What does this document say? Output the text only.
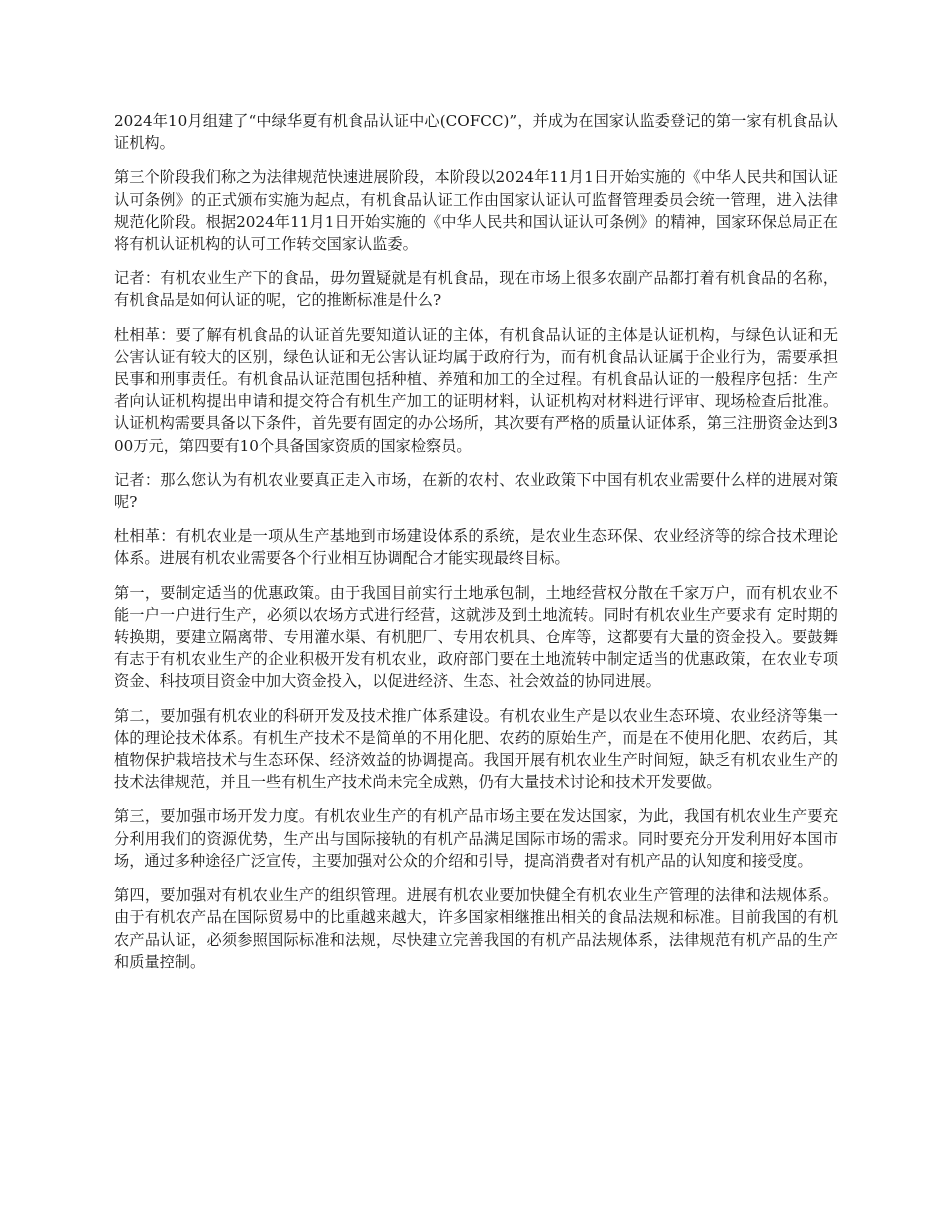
2024年10月组建了“中绿华夏有机食品认证中心(COFCC)”，并成为在国家认监委登记的第一家有机食品认证机构。

第三个阶段我们称之为法律规范快速进展阶段，本阶段以2024年11月1日开始实施的《中华人民共和国认证认可条例》的正式颁布实施为起点，有机食品认证工作由国家认证认可监督管理委员会统一管理，进入法律规范化阶段。根据2024年11月1日开始实施的《中华人民共和国认证认可条例》的精神，国家环保总局正在将有机认证机构的认可工作转交国家认监委。

记者：有机农业生产下的食品，毋勿置疑就是有机食品，现在市场上很多农副产品都打着有机食品的名称，有机食品是如何认证的呢，它的推断标准是什么?

杜相革：要了解有机食品的认证首先要知道认证的主体，有机食品认证的主体是认证机构，与绿色认证和无公害认证有较大的区别，绿色认证和无公害认证均属于政府行为，而有机食品认证属于企业行为，需要承担民事和刑事责任。有机食品认证范围包括种植、养殖和加工的全过程。有机食品认证的一般程序包括：生产者向认证机构提出申请和提交符合有机生产加工的证明材料，认证机构对材料进行评审、现场检查后批准。认证机构需要具备以下条件，首先要有固定的办公场所，其次要有严格的质量认证体系，第三注册资金达到300万元，第四要有10个具备国家资质的国家检察员。

记者：那么您认为有机农业要真正走入市场，在新的农村、农业政策下中国有机农业需要什么样的进展对策呢?

杜相革：有机农业是一项从生产基地到市场建设体系的系统，是农业生态环保、农业经济等的综合技术理论体系。进展有机农业需要各个行业相互协调配合才能实现最终目标。

第一，要制定适当的优惠政策。由于我国目前实行土地承包制，土地经营权分散在千家万户，而有机农业不能一户一户进行生产，必须以农场方式进行经营，这就涉及到土地流转。同时有机农业生产要求有 定时期的转换期，要建立隔离带、专用灌水渠、有机肥厂、专用农机具、仓库等，这都要有大量的资金投入。要鼓舞有志于有机农业生产的企业积极开发有机农业，政府部门要在土地流转中制定适当的优惠政策，在农业专项资金、科技项目资金中加大资金投入，以促进经济、生态、社会效益的协同进展。

第二，要加强有机农业的科研开发及技术推广体系建设。有机农业生产是以农业生态环境、农业经济等集一体的理论技术体系。有机生产技术不是简单的不用化肥、农药的原始生产，而是在不使用化肥、农药后，其植物保护栽培技术与生态环保、经济效益的协调提高。我国开展有机农业生产时间短，缺乏有机农业生产的技术法律规范，并且一些有机生产技术尚未完全成熟，仍有大量技术讨论和技术开发要做。

第三，要加强市场开发力度。有机农业生产的有机产品市场主要在发达国家，为此，我国有机农业生产要充分利用我们的资源优势，生产出与国际接轨的有机产品满足国际市场的需求。同时要充分开发利用好本国市场，通过多种途径广泛宣传，主要加强对公众的介绍和引导，提高消费者对有机产品的认知度和接受度。

第四，要加强对有机农业生产的组织管理。进展有机农业要加快健全有机农业生产管理的法律和法规体系。由于有机农产品在国际贸易中的比重越来越大，许多国家相继推出相关的食品法规和标准。目前我国的有机农产品认证，必须参照国际标准和法规，尽快建立完善我国的有机产品法规体系，法律规范有机产品的生产和质量控制。
